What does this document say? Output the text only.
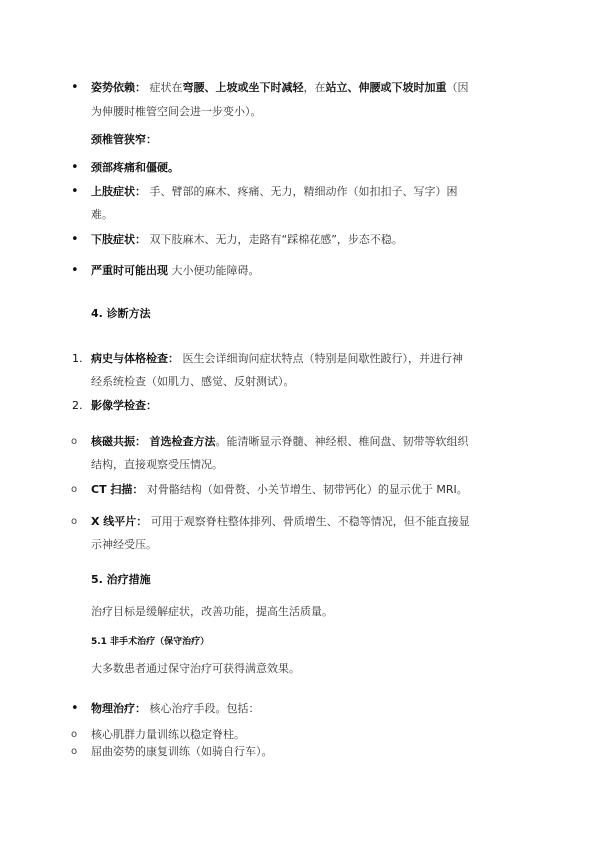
• 姿势依赖： 症状在弯腰、上坡或坐下时减轻，在站立、伸腰或下坡时加重（因
为伸腰时椎管空间会进一步变小）。
颈椎管狭窄：
• 颈部疼痛和僵硬。
• 上肢症状： 手、臂部的麻木、疼痛、无力，精细动作（如扣扣子、写字）困
难。
• 下肢症状： 双下肢麻木、无力，走路有“踩棉花感”，步态不稳。
• 严重时可能出现 大小便功能障碍。
4. 诊断方法
1. 病史与体格检查： 医生会详细询问症状特点（特别是间歇性跛行），并进行神
经系统检查（如肌力、感觉、反射测试）。
2. 影像学检查：
o 核磁共振： 首选检查方法。能清晰显示脊髓、神经根、椎间盘、韧带等软组织
结构，直接观察受压情况。
o CT 扫描： 对骨骼结构（如骨赘、小关节增生、韧带钙化）的显示优于 MRI。
o X 线平片： 可用于观察脊柱整体排列、骨质增生、不稳等情况，但不能直接显
示神经受压。
5. 治疗措施
治疗目标是缓解症状，改善功能，提高生活质量。
5.1 非手术治疗（保守治疗）
大多数患者通过保守治疗可获得满意效果。
• 物理治疗： 核心治疗手段。包括：
o 核心肌群力量训练以稳定脊柱。
o 屈曲姿势的康复训练（如骑自行车）。
